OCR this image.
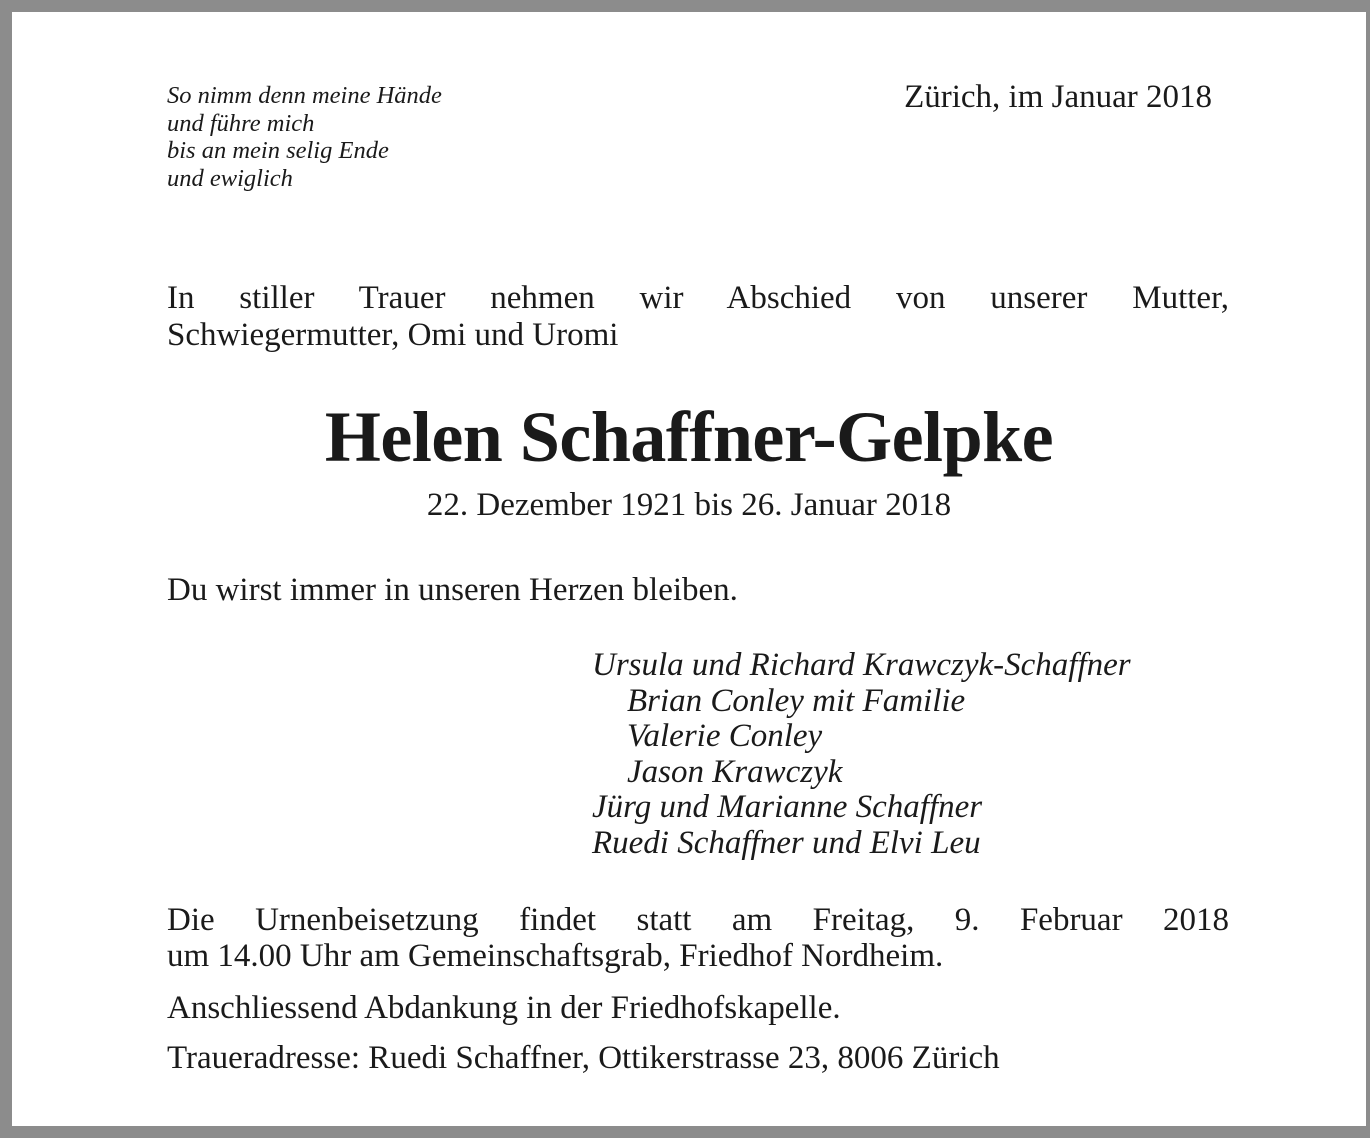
So nimm denn meine Hände
und führe mich
bis an mein selig Ende
und ewiglich
Zürich, im Januar 2018
In stiller Trauer nehmen wir Abschied von unserer Mutter,
Schwiegermutter, Omi und Uromi
Helen Schaffner-Gelpke
22. Dezember 1921 bis 26. Januar 2018
Du wirst immer in unseren Herzen bleiben.
Ursula und Richard Krawczyk-Schaffner
Brian Conley mit Familie
Valerie Conley
Jason Krawczyk
Jürg und Marianne Schaffner
Ruedi Schaffner und Elvi Leu
Die Urnenbeisetzung findet statt am Freitag, 9. Februar 2018
um 14.00 Uhr am Gemeinschaftsgrab, Friedhof Nordheim.
Anschliessend Abdankung in der Friedhofskapelle.
Traueradresse: Ruedi Schaffner, Ottikerstrasse 23, 8006 Zürich
